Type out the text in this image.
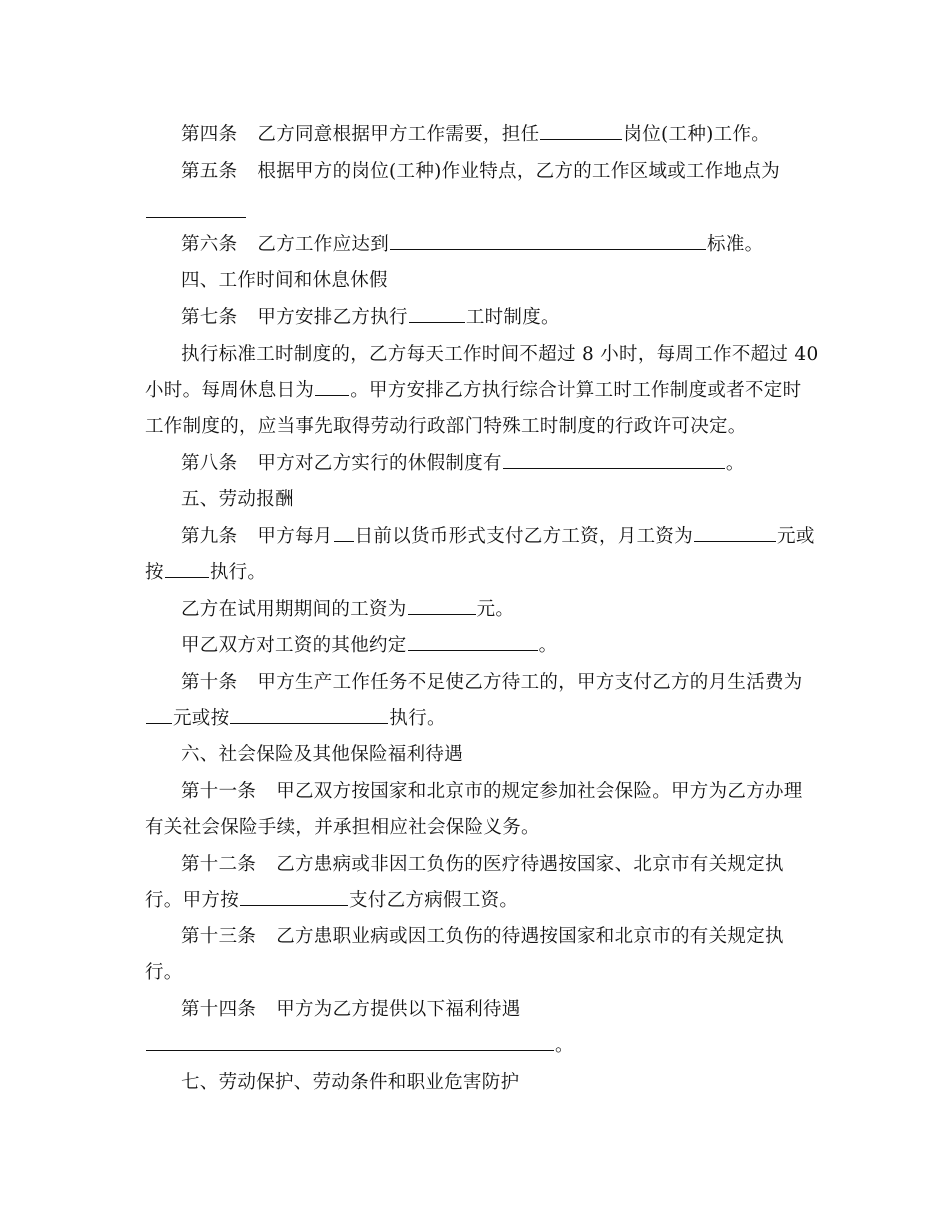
第四条 乙方同意根据甲方工作需要，担任	岗位(工种)工作。
第五条 根据甲方的岗位(工种)作业特点，乙方的工作区域或工作地点为
第六条 乙方工作应达到	标准。
四、工作时间和休息休假
第七条 甲方安排乙方执行	工时制度。
执行标准工时制度的，乙方每天工作时间不超过 8 小时，每周工作不超过 40
小时。每周休息日为 。甲方安排乙方执行综合计算工时工作制度或者不定时
工作制度的，应当事先取得劳动行政部门特殊工时制度的行政许可决定。
第八条 甲方对乙方实行的休假制度有	。
五、劳动报酬
第九条 甲方每月 日前以货币形式支付乙方工资，月工资为	元或
按 执行。
乙方在试用期期间的工资为	元。
甲乙双方对工资的其他约定	。
第十条 甲方生产工作任务不足使乙方待工的，甲方支付乙方的月生活费为
元或按	执行。
六、社会保险及其他保险福利待遇
第十一条 甲乙双方按国家和北京市的规定参加社会保险。甲方为乙方办理
有关社会保险手续，并承担相应社会保险义务。
第十二条 乙方患病或非因工负伤的医疗待遇按国家、北京市有关规定执
行。甲方按	支付乙方病假工资。
第十三条 乙方患职业病或因工负伤的待遇按国家和北京市的有关规定执
行。
第十四条 甲方为乙方提供以下福利待遇
。
七、劳动保护、劳动条件和职业危害防护
